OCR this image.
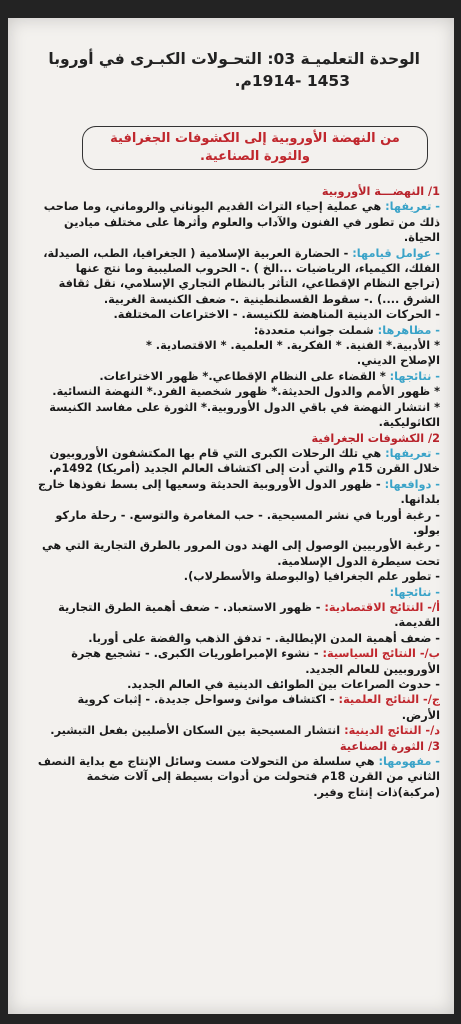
الوحدة التعلميـة 03: التحـولات الكبـرى في أوروبا
1453 -1914م.
من النهضة الأوروبية إلى الكشوفات الجغرافية
والثورة الصناعية.
1/ النهضـــة الأوروبية
- تعريفها: هي عملية إحياء التراث القديم اليوناني والروماني، وما صاحب
ذلك من تطور في الفنون والآداب والعلوم وأثرها على مختلف ميادين
الحياة.
- عوامل قيامها: - الحضارة العربية الإسلامية ( الجغرافيا، الطب، الصيدلة،
الفلك، الكيمياء، الرياضيات ...الخ ) .- الحروب الصليبية وما نتج عنها
(تراجع النظام الإقطاعي، التأثر بالنظام التجاري الإسلامي، نقل ثقافة
الشرق ....) .- سقوط القسطنطينية .- ضعف الكنيسة الغربية.
- الحركات الدينية المناهضة للكنيسة. - الاختراعات المختلفة.
- مظاهرها: شملت جوانب متعددة:
* الأدبية.* الفنية. * الفكرية. * العلمية. * الاقتصادية. *
الإصلاح الديني.
- نتائجها: * القضاء على النظام الإقطاعي.* ظهور الاختراعات.
* ظهور الأمم والدول الحديثة.* ظهور شخصية الفرد.* النهضة النسائية.
* انتشار النهضة في باقي الدول الأوروبية.* الثورة على مفاسد الكنيسة
الكاثوليكية.
2/ الكشوفات الجغرافية
- تعريفها: هي تلك الرحلات الكبرى التي قام بها المكتشفون الأوروبيون
خلال القرن 15م والتي أدت إلى اكتشاف العالم الجديد (أمريكا) 1492م.
- دوافعها: - ظهور الدول الأوروبية الحديثة وسعيها إلى بسط نفوذها خارج
بلدانها.
- رغبة أوربا في نشر المسيحية. - حب المغامرة والتوسع. - رحلة ماركو
بولو.
- رغبة الأوربيين الوصول إلى الهند دون المرور بالطرق التجارية التي هي
تحت سيطرة الدول الإسلامية.
- تطور علم الجغرافيا (والبوصلة والأسطرلاب).
- نتائجها:
أ/- النتائج الاقتصادية: - ظهور الاستعباد. - ضعف أهمية الطرق التجارية
القديمة.
- ضعف أهمية المدن الإيطالية. - تدفق الذهب والفضة على أوربا.
ب/- النتائج السياسية: - نشوء الإمبراطوريات الكبرى. - تشجيع هجرة
الأوروبيين للعالم الجديد.
- حدوث الصراعات بين الطوائف الدينية في العالم الجديد.
ج/- النتائج العلمية: - اكتشاف موانئ وسواحل جديدة. - إثبات كروية
الأرض.
د/- النتائج الدينية: انتشار المسيحية بين السكان الأصليين بفعل التبشير.
3/ الثورة الصناعية
- مفهومها: هي سلسلة من التحولات مست وسائل الإنتاج مع بداية النصف
الثاني من القرن 18م فتحولت من أدوات بسيطة إلى آلات ضخمة
(مركبة)ذات إنتاج وفير.
